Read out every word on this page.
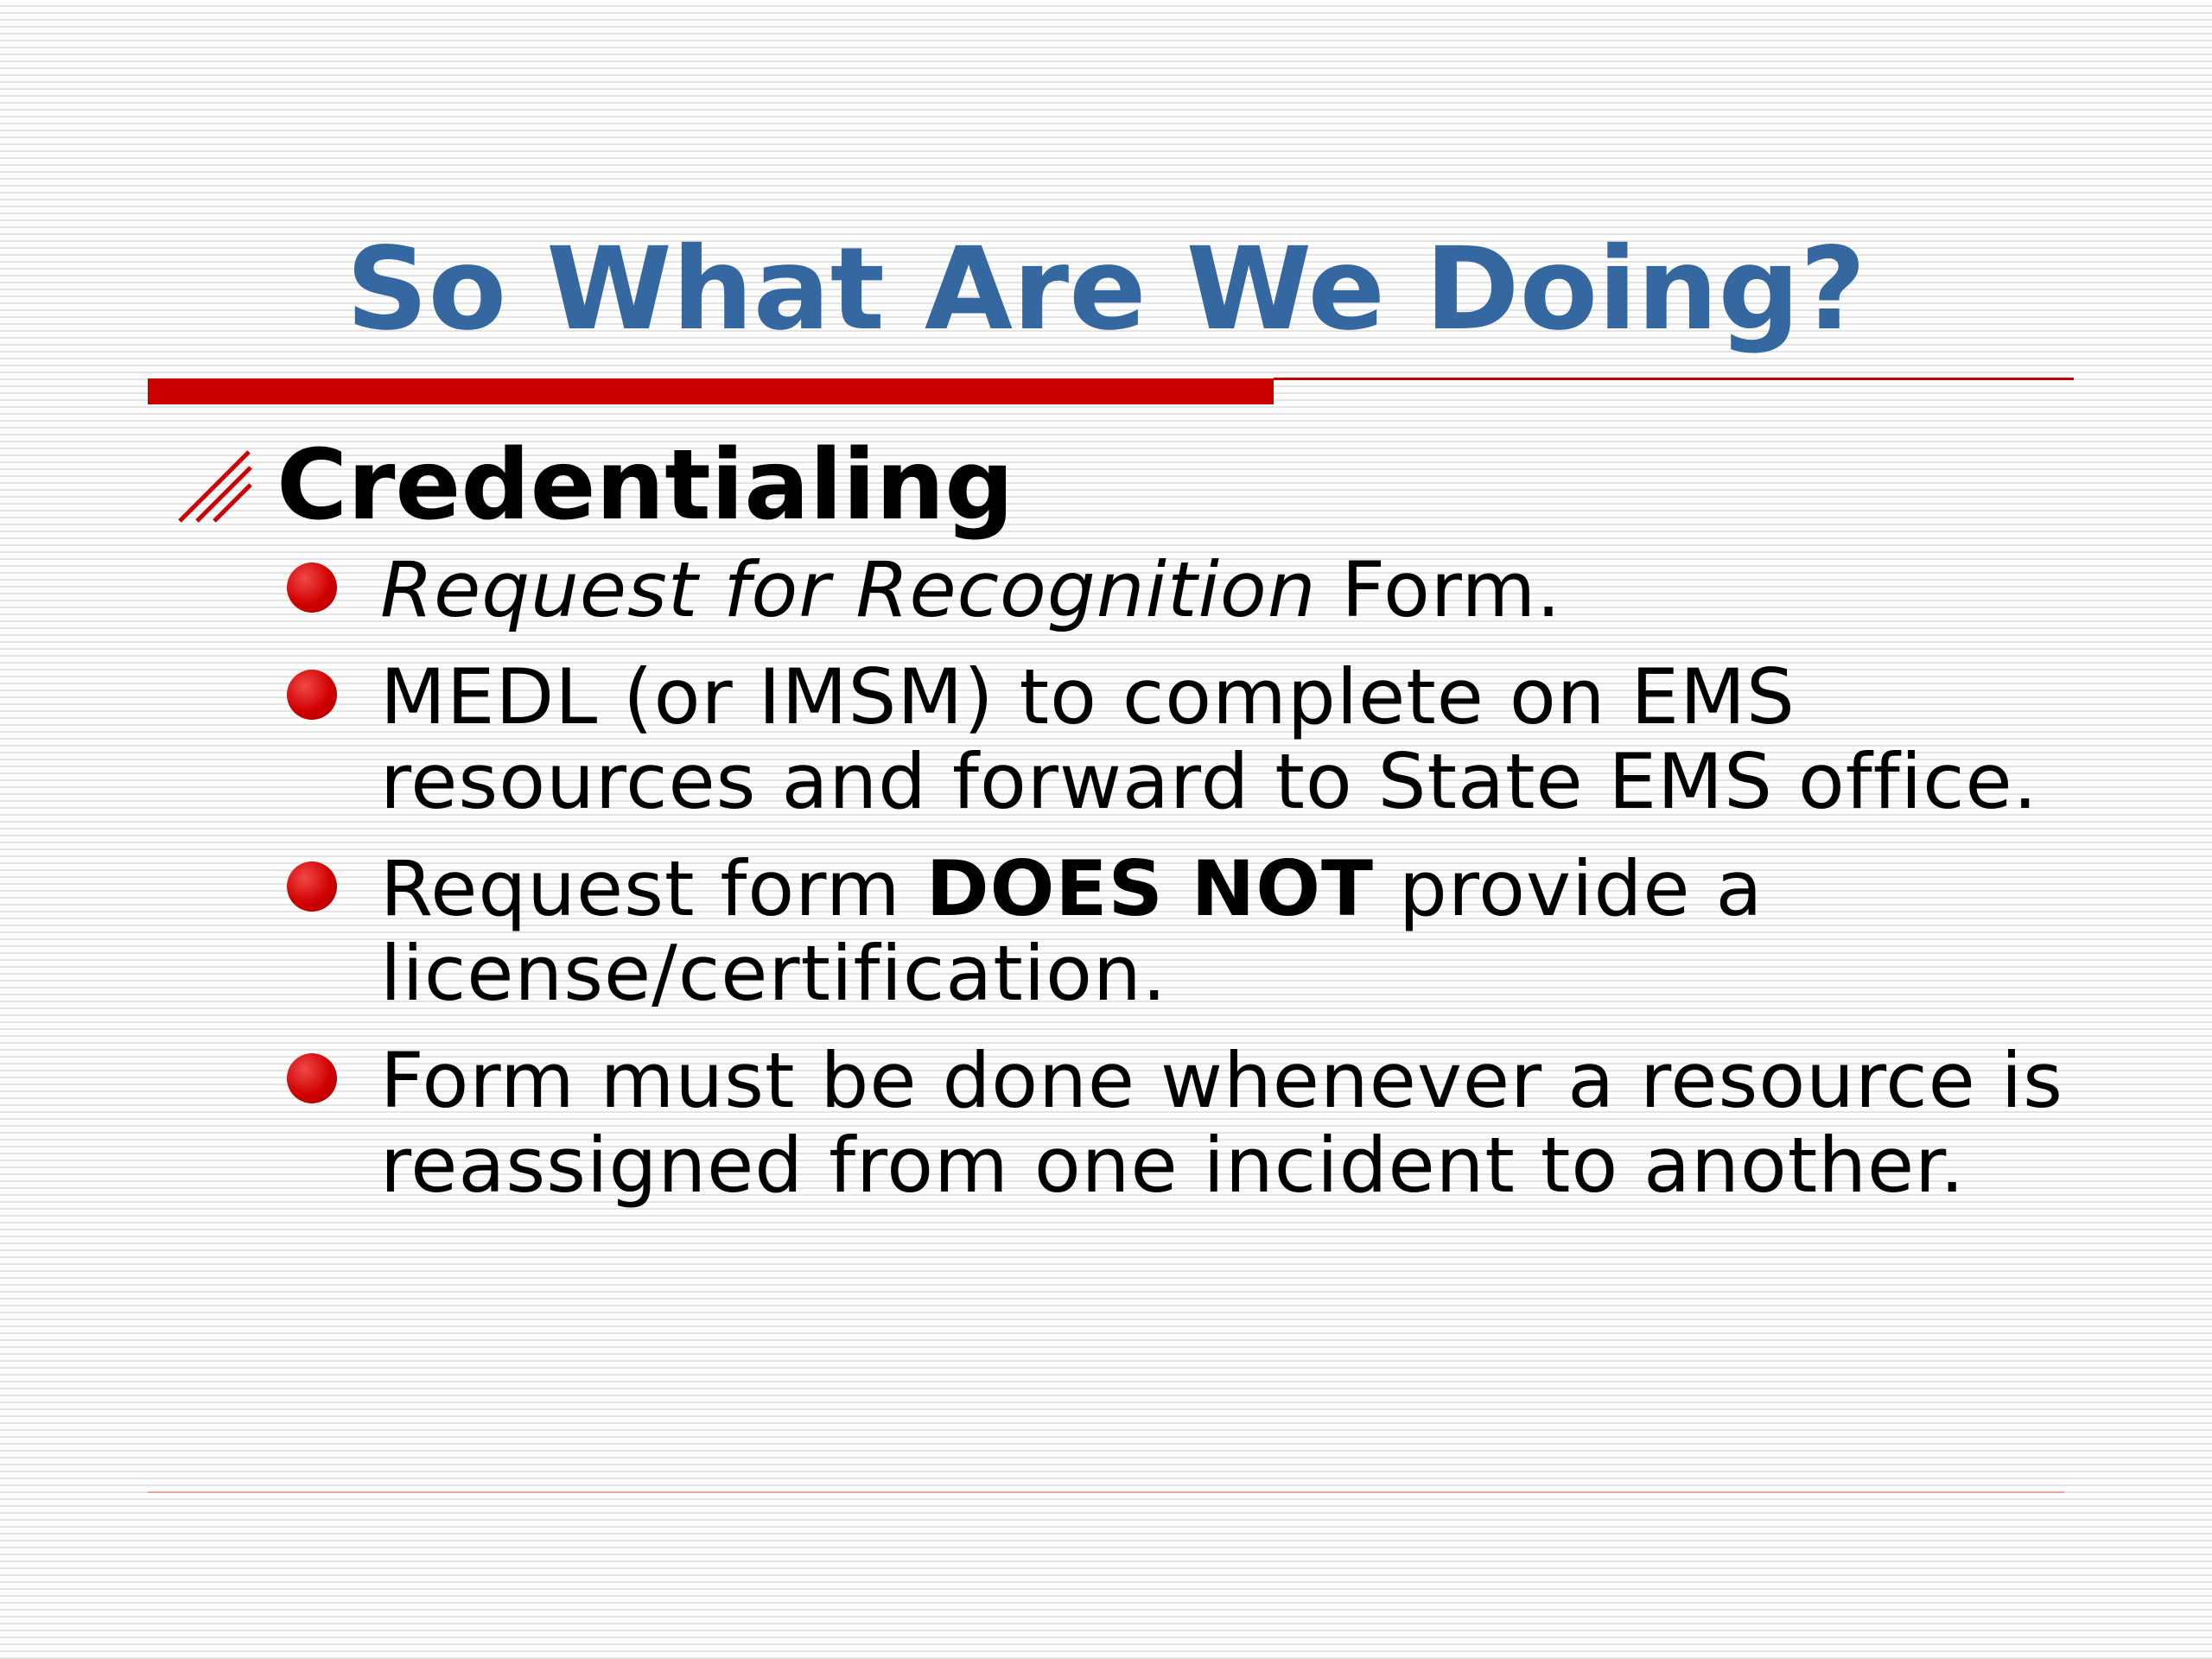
So What Are We Doing?
Credentialing
Request for Recognition Form.
MEDL (or IMSM) to complete on EMS resources and forward to State EMS office.
Request form DOES NOT provide a license/certification.
Form must be done whenever a resource is reassigned from one incident to another.
